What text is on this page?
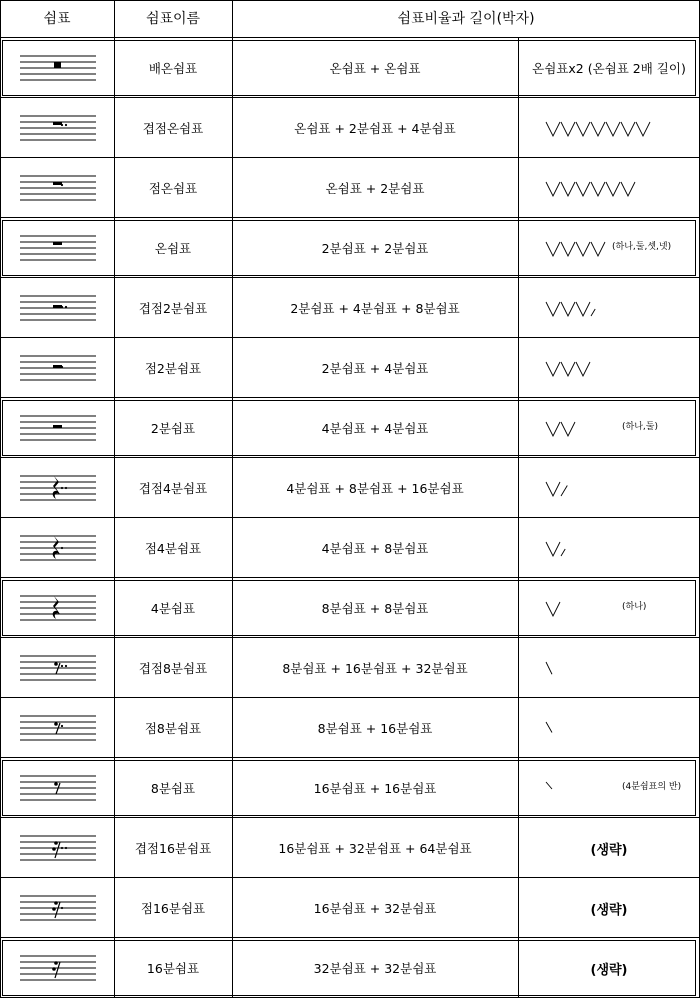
쉼표	쉼표이름	쉼표비율과 길이(박자)
배온쉼표	온쉼표 + 온쉼표	온쉼표x2 (온쉼표 2배 길이)
겹점온쉼표	온쉼표 + 2분쉼표 + 4분쉼표
점온쉼표	온쉼표 + 2분쉼표
온쉼표	2분쉼표 + 2분쉼표	(하나,둘,셋,넷)
겹점2분쉼표	2분쉼표 + 4분쉼표 + 8분쉼표
점2분쉼표	2분쉼표 + 4분쉼표
2분쉼표	4분쉼표 + 4분쉼표	(하나,둘)
겹점4분쉼표	4분쉼표 + 8분쉼표 + 16분쉼표
점4분쉼표	4분쉼표 + 8분쉼표
4분쉼표	8분쉼표 + 8분쉼표	(하나)
겹점8분쉼표	8분쉼표 + 16분쉼표 + 32분쉼표
점8분쉼표	8분쉼표 + 16분쉼표
8분쉼표	16분쉼표 + 16분쉼표	(4분쉼표의 반)
겹점16분쉼표	16분쉼표 + 32분쉼표 + 64분쉼표	(생략)
점16분쉼표	16분쉼표 + 32분쉼표	(생략)
16분쉼표	32분쉼표 + 32분쉼표	(생략)
